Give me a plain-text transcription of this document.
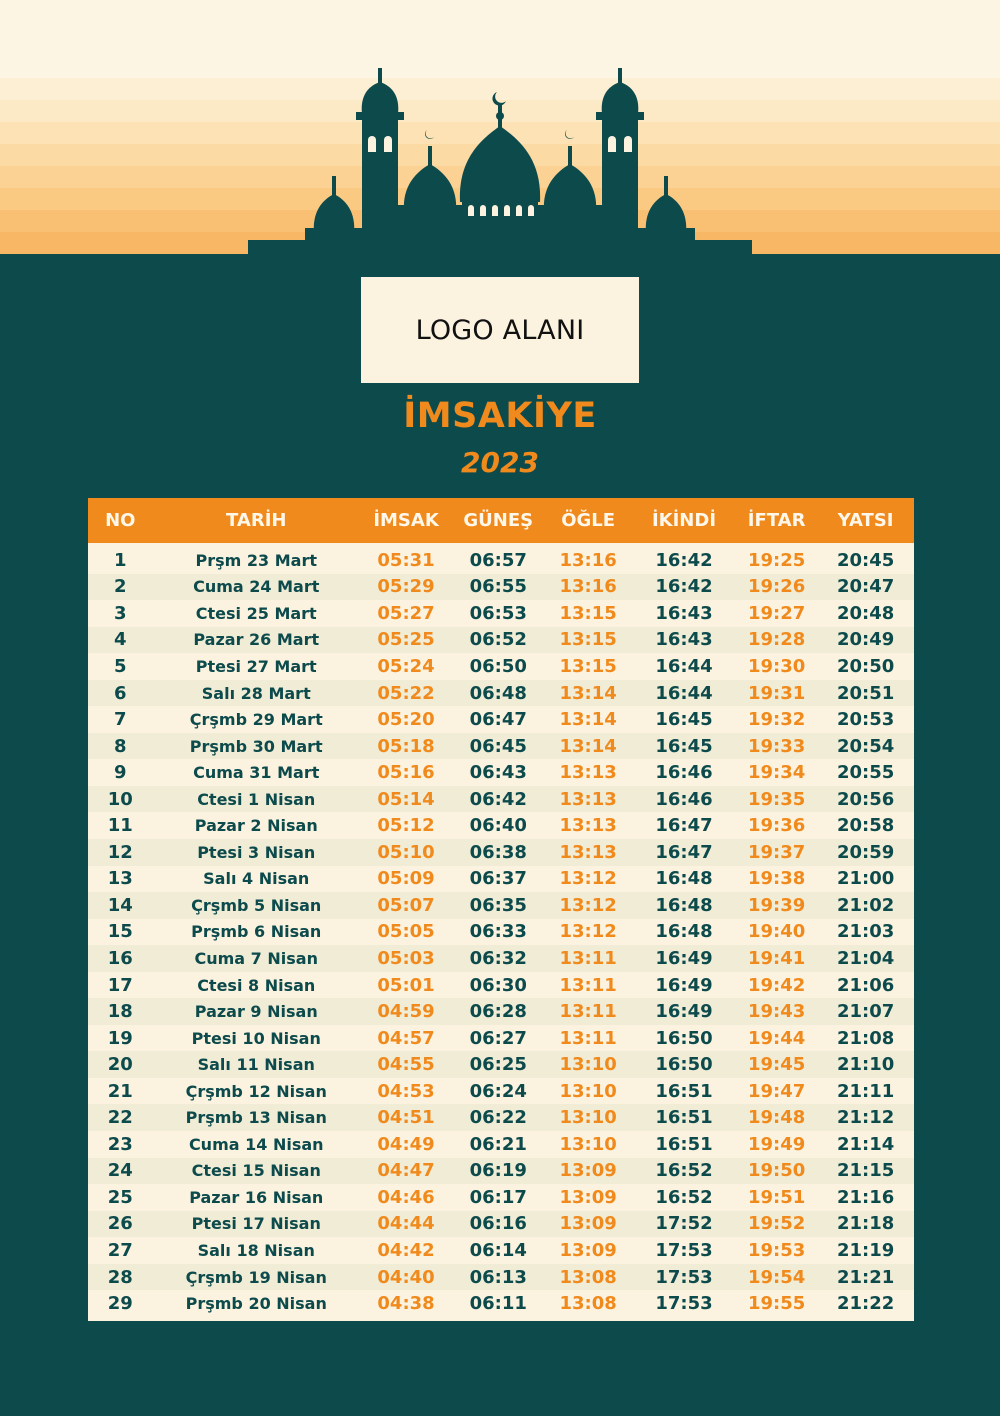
LOGO ALANI
İMSAKİYE
2023
NO	TARİH	İMSAK	GÜNEŞ	ÖĞLE	İKİNDİ	İFTAR	YATSI
1	Prşm 23 Mart	05:31	06:57	13:16	16:42	19:25	20:45
2	Cuma 24 Mart	05:29	06:55	13:16	16:42	19:26	20:47
3	Ctesi 25 Mart	05:27	06:53	13:15	16:43	19:27	20:48
4	Pazar 26 Mart	05:25	06:52	13:15	16:43	19:28	20:49
5	Ptesi 27 Mart	05:24	06:50	13:15	16:44	19:30	20:50
6	Salı 28 Mart	05:22	06:48	13:14	16:44	19:31	20:51
7	Çrşmb 29 Mart	05:20	06:47	13:14	16:45	19:32	20:53
8	Prşmb 30 Mart	05:18	06:45	13:14	16:45	19:33	20:54
9	Cuma 31 Mart	05:16	06:43	13:13	16:46	19:34	20:55
10	Ctesi 1 Nisan	05:14	06:42	13:13	16:46	19:35	20:56
11	Pazar 2 Nisan	05:12	06:40	13:13	16:47	19:36	20:58
12	Ptesi 3 Nisan	05:10	06:38	13:13	16:47	19:37	20:59
13	Salı 4 Nisan	05:09	06:37	13:12	16:48	19:38	21:00
14	Çrşmb 5 Nisan	05:07	06:35	13:12	16:48	19:39	21:02
15	Prşmb 6 Nisan	05:05	06:33	13:12	16:48	19:40	21:03
16	Cuma 7 Nisan	05:03	06:32	13:11	16:49	19:41	21:04
17	Ctesi 8 Nisan	05:01	06:30	13:11	16:49	19:42	21:06
18	Pazar 9 Nisan	04:59	06:28	13:11	16:49	19:43	21:07
19	Ptesi 10 Nisan	04:57	06:27	13:11	16:50	19:44	21:08
20	Salı 11 Nisan	04:55	06:25	13:10	16:50	19:45	21:10
21	Çrşmb 12 Nisan	04:53	06:24	13:10	16:51	19:47	21:11
22	Prşmb 13 Nisan	04:51	06:22	13:10	16:51	19:48	21:12
23	Cuma 14 Nisan	04:49	06:21	13:10	16:51	19:49	21:14
24	Ctesi 15 Nisan	04:47	06:19	13:09	16:52	19:50	21:15
25	Pazar 16 Nisan	04:46	06:17	13:09	16:52	19:51	21:16
26	Ptesi 17 Nisan	04:44	06:16	13:09	17:52	19:52	21:18
27	Salı 18 Nisan	04:42	06:14	13:09	17:53	19:53	21:19
28	Çrşmb 19 Nisan	04:40	06:13	13:08	17:53	19:54	21:21
29	Prşmb 20 Nisan	04:38	06:11	13:08	17:53	19:55	21:22
